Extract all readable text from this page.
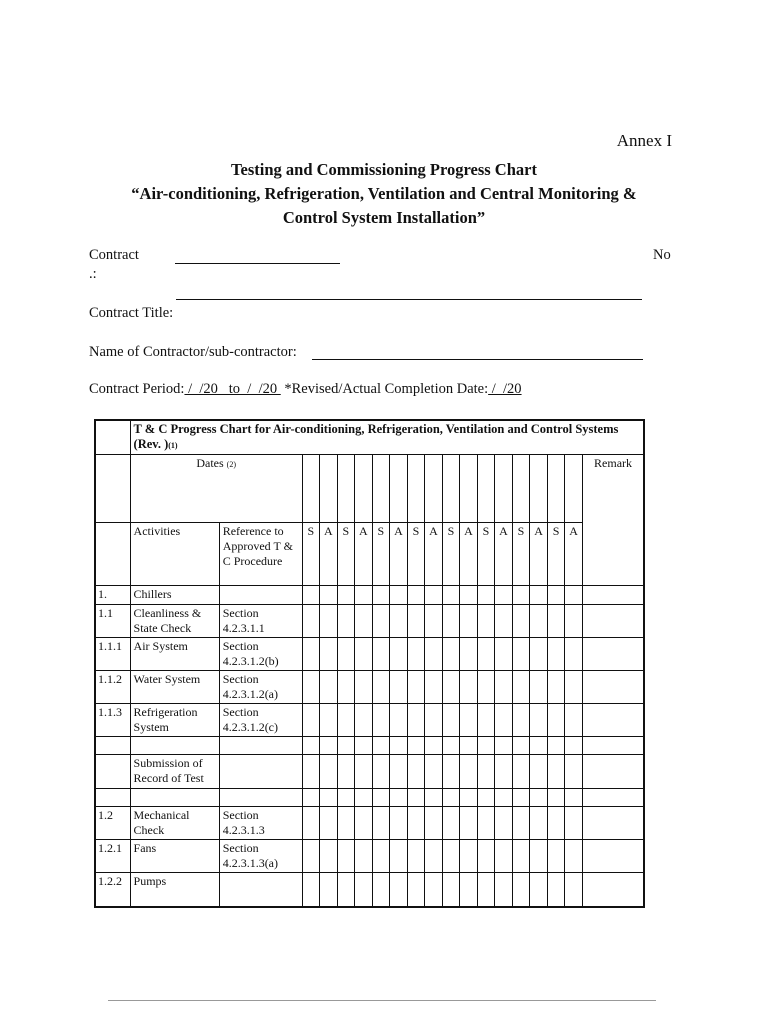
Annex I
Testing and Commissioning Progress Chart
“Air-conditioning, Refrigeration, Ventilation and Central Monitoring &
Control System Installation”
Contract	No
.:
Contract Title:
Name of Contractor/sub-contractor:
Contract Period: /  /20   to  /  /20  *Revised/Actual Completion Date: /  /20
	T & C Progress Chart for Air-conditioning, Refrigeration, Ventilation and Control Systems
(Rev. )(1)																		
	Dates (2)																		Remark
	Activities	Reference to Approved T & C Procedure	S	A	S	A	S	A	S	A	S	A	S	A	S	A	S	A	
1.	Chillers																		
1.1	Cleanliness & State Check	Section 4.2.3.1.1																	
1.1.1	Air System	Section 4.2.3.1.2(b)																	
1.1.2	Water System	Section 4.2.3.1.2(a)																	
1.1.3	Refrigeration System	Section 4.2.3.1.2(c)																	

	Submission of Record of Test																		

1.2	Mechanical Check	Section 4.2.3.1.3																	
1.2.1	Fans	Section 4.2.3.1.3(a)																	
1.2.2	Pumps																		
